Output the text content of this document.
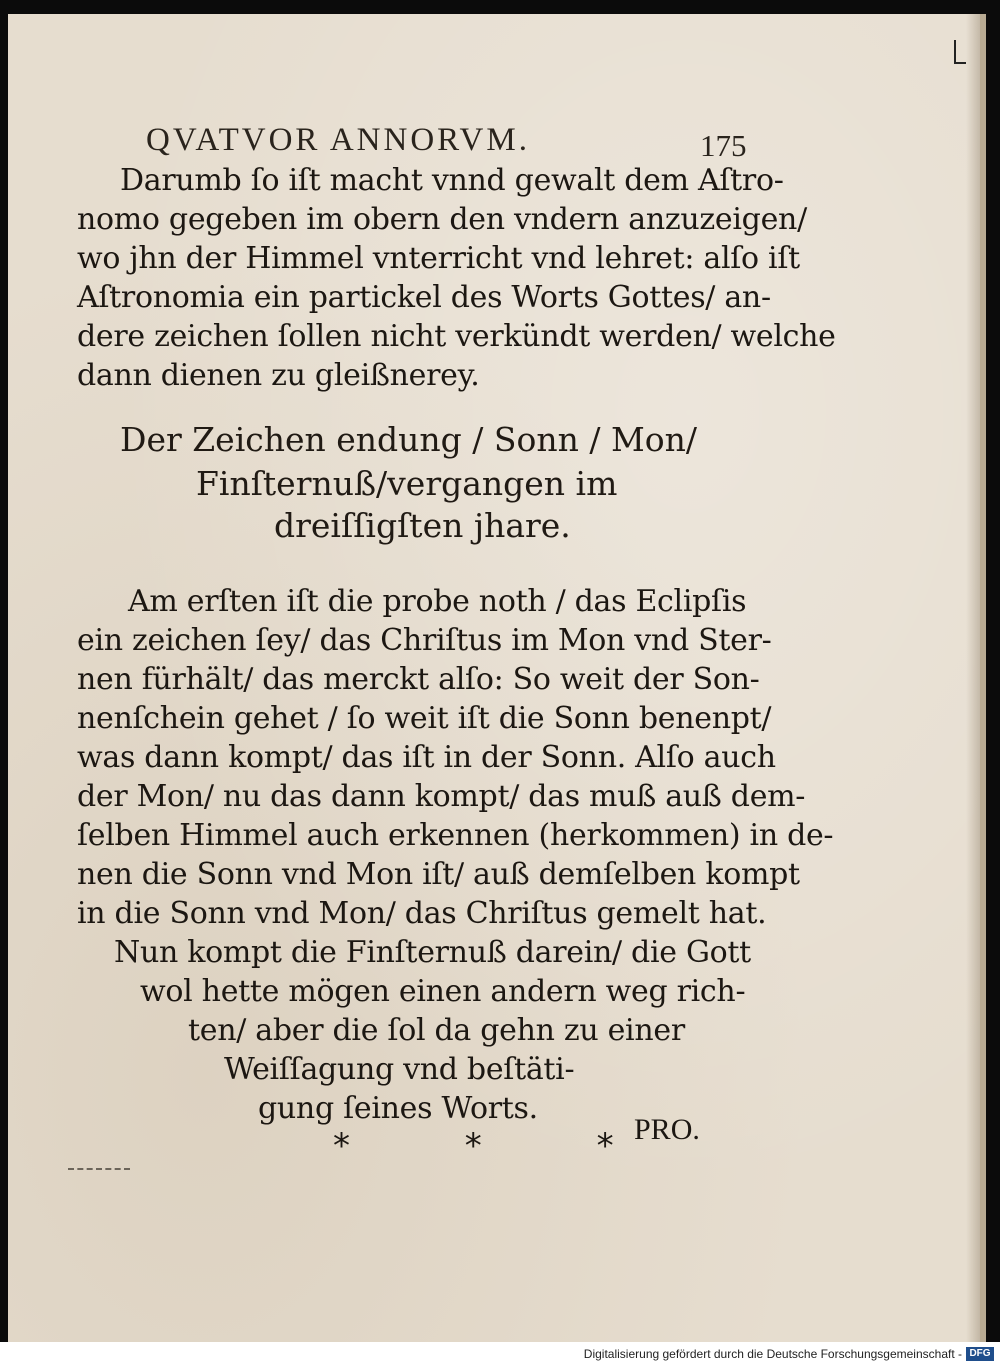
QVATVOR ANNORVM.	175
Darumb ſo iſt macht vnnd gewalt dem Aſtro-
nomo gegeben im obern den vndern anzuzeigen/
wo jhn der Himmel vnterricht vnd lehret: alſo iſt
Aſtronomia ein partickel des Worts Gottes/ an-
dere zeichen ſollen nicht verkündt werden/ welche
dann dienen zu gleißnerey.
Der Zeichen endung / Sonn / Mon/
Finſternuß/vergangen im
dreiſſigſten jhare.
Am erſten iſt die probe noth / das Eclipſis
ein zeichen ſey/ das Chriſtus im Mon vnd Ster-
nen fürhält/ das merckt alſo: So weit der Son-
nenſchein gehet / ſo weit iſt die Sonn benenpt/
was dann kompt/ das iſt in der Sonn. Alſo auch
der Mon/ nu das dann kompt/ das muß auß dem-
ſelben Himmel auch erkennen (herkommen) in de-
nen die Sonn vnd Mon iſt/ auß demſelben kompt
in die Sonn vnd Mon/ das Chriſtus gemelt hat.
Nun kompt die Finſternuß darein/ die Gott
wol hette mögen einen andern weg rich-
ten/ aber die ſol da gehn zu einer
Weiſſagung vnd beſtäti-
gung ſeines Worts.
* * *
PRO.
Digitalisierung gefördert durch die Deutsche Forschungsgemeinschaft - DFG
